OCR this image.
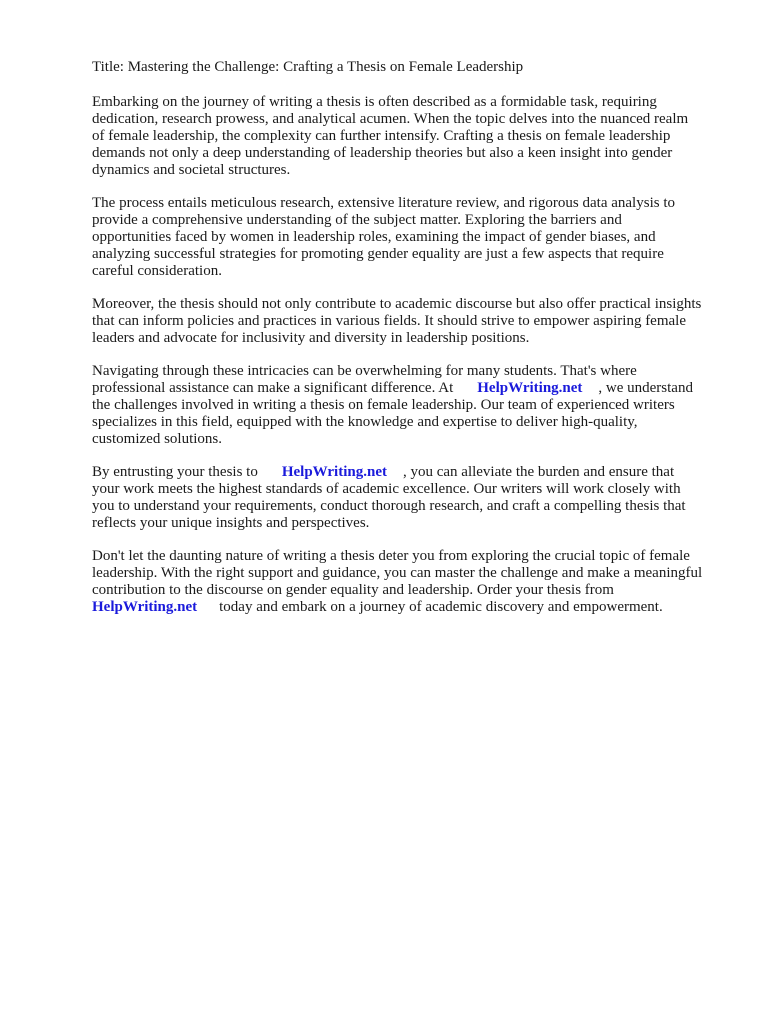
Title: Mastering the Challenge: Crafting a Thesis on Female Leadership

Embarking on the journey of writing a thesis is often described as a formidable task, requiring
dedication, research prowess, and analytical acumen. When the topic delves into the nuanced realm
of female leadership, the complexity can further intensify. Crafting a thesis on female leadership
demands not only a deep understanding of leadership theories but also a keen insight into gender
dynamics and societal structures.
The process entails meticulous research, extensive literature review, and rigorous data analysis to
provide a comprehensive understanding of the subject matter. Exploring the barriers and
opportunities faced by women in leadership roles, examining the impact of gender biases, and
analyzing successful strategies for promoting gender equality are just a few aspects that require
careful consideration.
Moreover, the thesis should not only contribute to academic discourse but also offer practical insights
that can inform policies and practices in various fields. It should strive to empower aspiring female
leaders and advocate for inclusivity and diversity in leadership positions.
Navigating through these intricacies can be overwhelming for many students. That's where
professional assistance can make a significant difference. At HelpWriting.net , we understand
the challenges involved in writing a thesis on female leadership. Our team of experienced writers
specializes in this field, equipped with the knowledge and expertise to deliver high-quality,
customized solutions.
By entrusting your thesis to HelpWriting.net , you can alleviate the burden and ensure that
your work meets the highest standards of academic excellence. Our writers will work closely with
you to understand your requirements, conduct thorough research, and craft a compelling thesis that
reflects your unique insights and perspectives.
Don't let the daunting nature of writing a thesis deter you from exploring the crucial topic of female
leadership. With the right support and guidance, you can master the challenge and make a meaningful
contribution to the discourse on gender equality and leadership. Order your thesis from
HelpWriting.net today and embark on a journey of academic discovery and empowerment.
